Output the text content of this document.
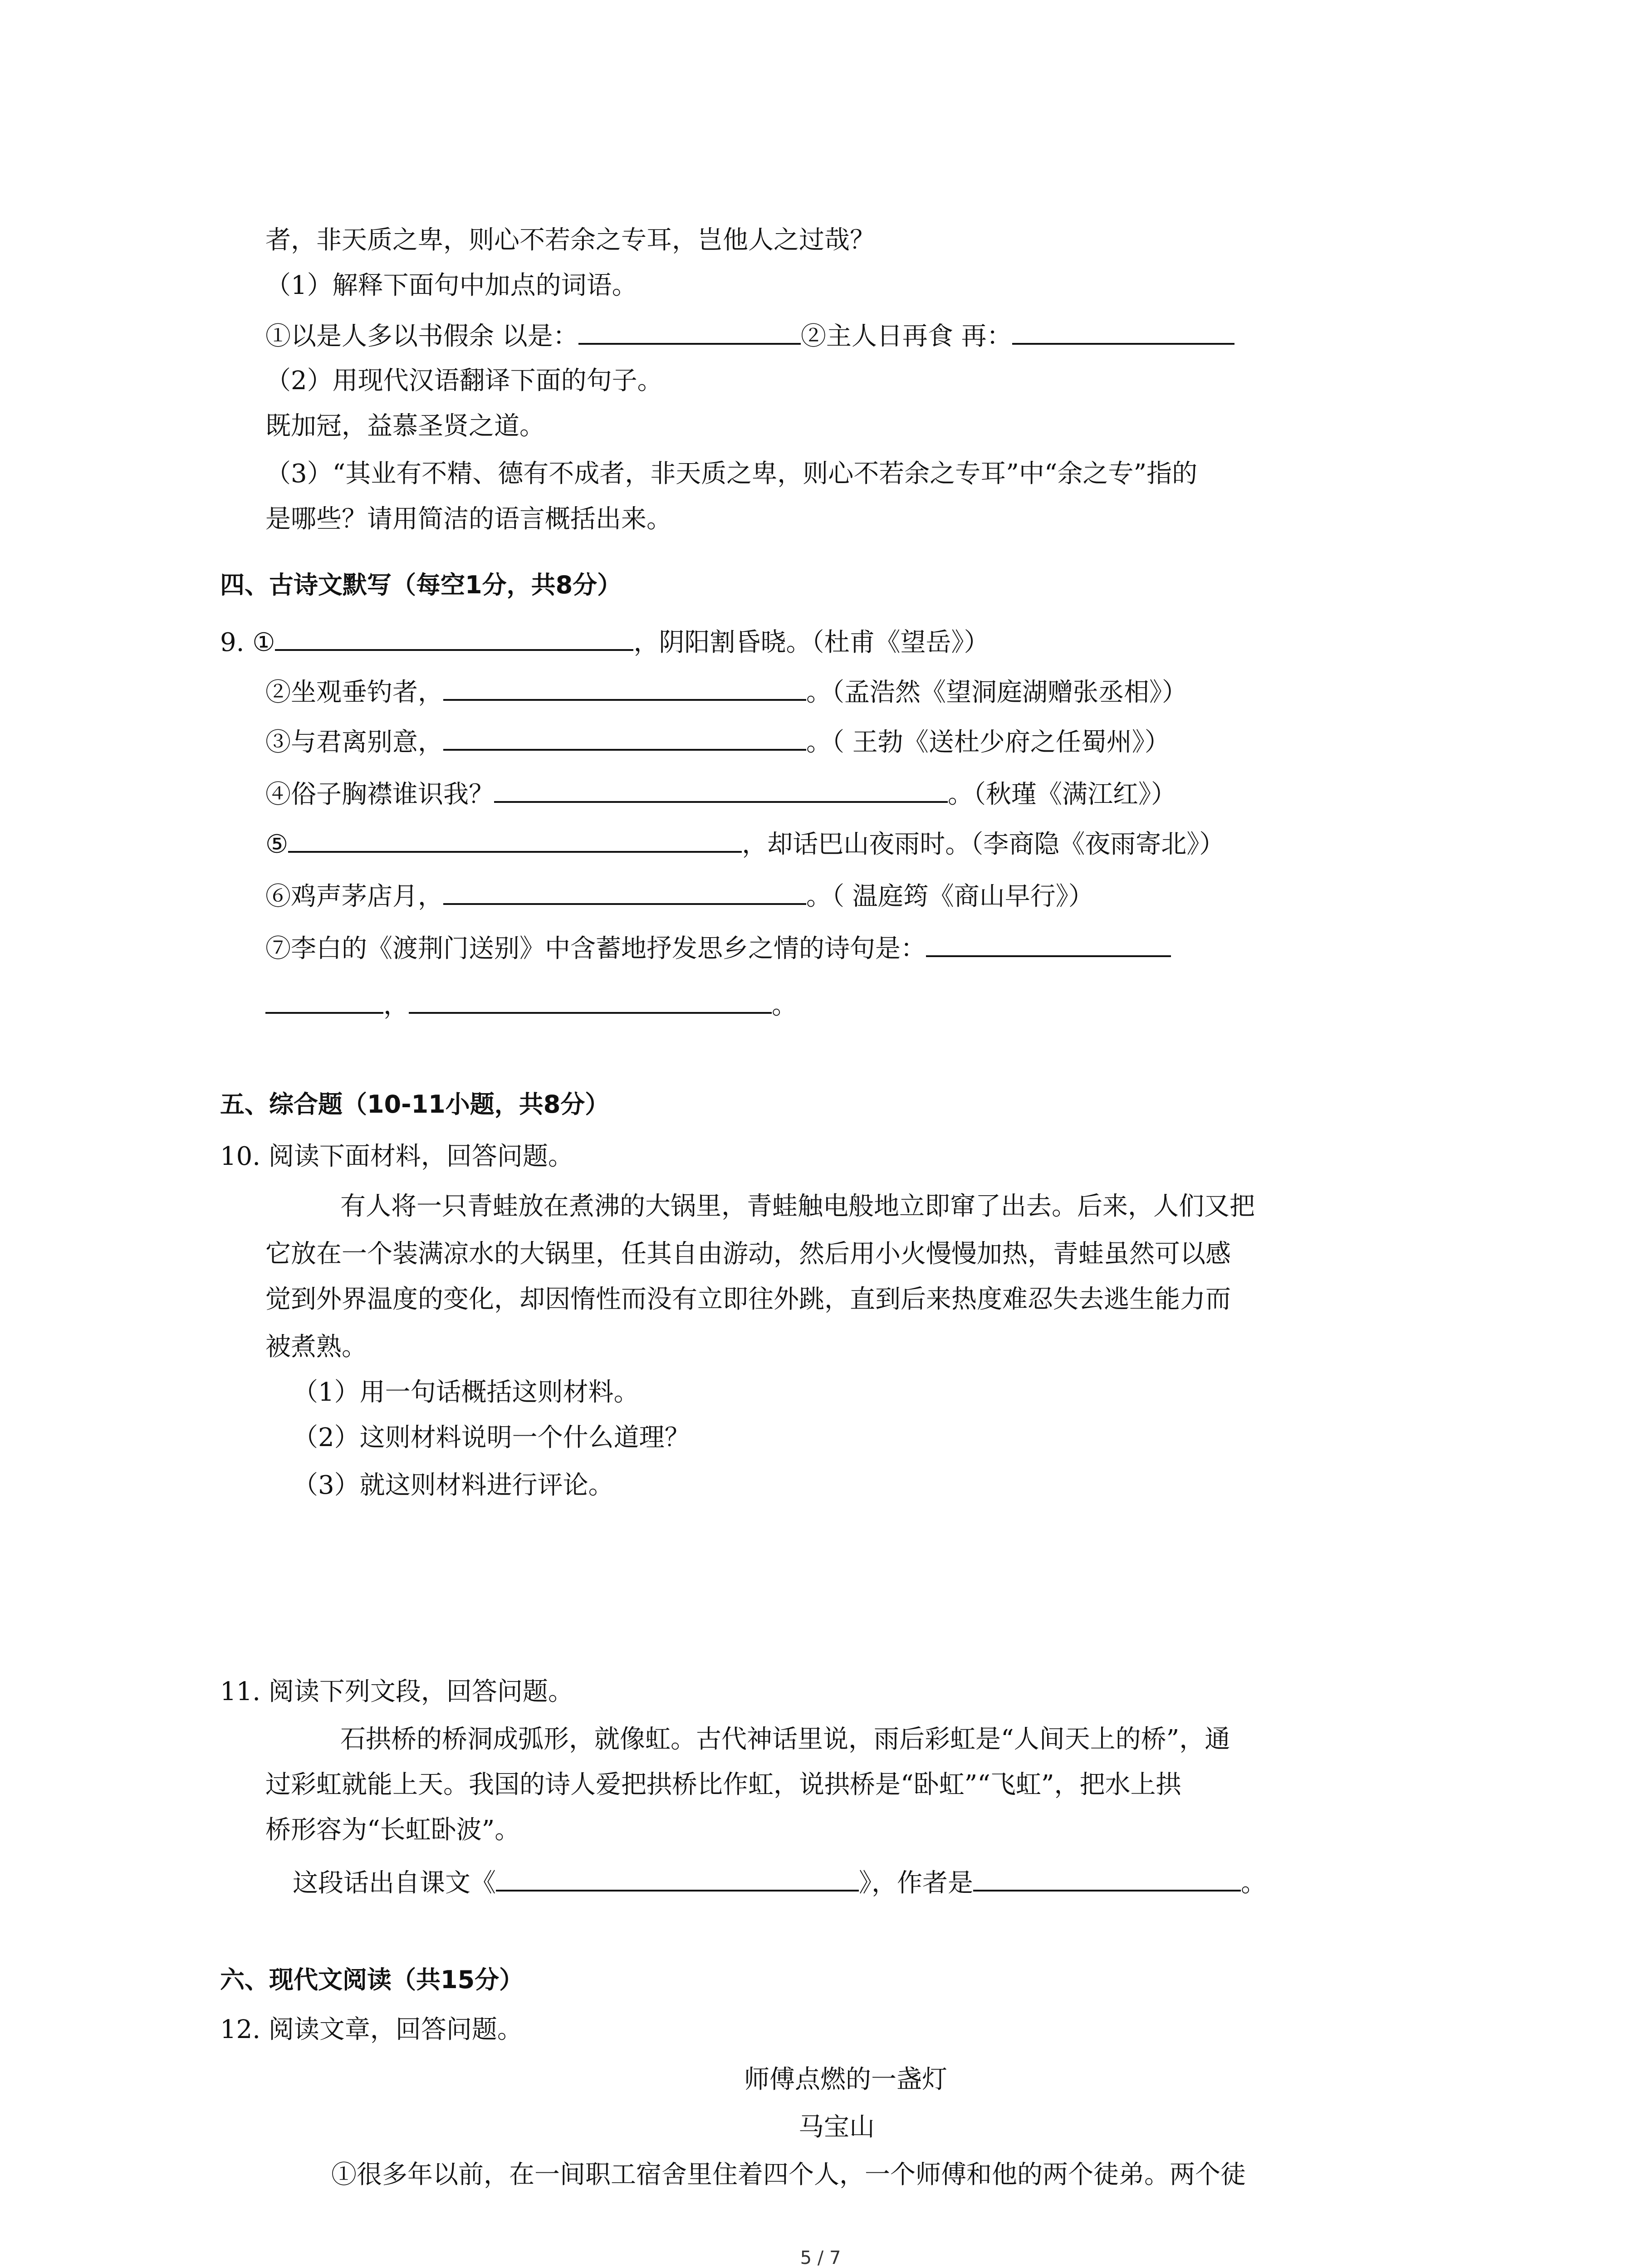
者，非天质之卑，则心不若余之专耳，岂他人之过哉？
（1）解释下面句中加点的词语。
①以是人多以书假余 以是：	②主人日再食 再：
（2）用现代汉语翻译下面的句子。
既加冠，益慕圣贤之道。
（3）“其业有不精、德有不成者，非天质之卑，则心不若余之专耳”中“余之专”指的
是哪些？请用简洁的语言概括出来。
四、古诗文默写（每空1分，共8分）
9. ①	，阴阳割昏晓。（杜甫《望岳》）
②坐观垂钓者，	。（孟浩然《望洞庭湖赠张丞相》）
③与君离别意，	。（ 王勃《送杜少府之任蜀州》）
④俗子胸襟谁识我？	。（秋瑾《满江红》）
⑤	，却话巴山夜雨时。（李商隐《夜雨寄北》）
⑥鸡声茅店月，	。（ 温庭筠《商山早行》）
⑦李白的《渡荆门送别》中含蓄地抒发思乡之情的诗句是：
，	。
五、综合题（10-11小题，共8分）
10. 阅读下面材料，回答问题。
有人将一只青蛙放在煮沸的大锅里，青蛙触电般地立即窜了出去。后来，人们又把
它放在一个装满凉水的大锅里，任其自由游动，然后用小火慢慢加热，青蛙虽然可以感
觉到外界温度的变化，却因惰性而没有立即往外跳，直到后来热度难忍失去逃生能力而
被煮熟。
（1）用一句话概括这则材料。
（2）这则材料说明一个什么道理？
（3）就这则材料进行评论。
11. 阅读下列文段，回答问题。
石拱桥的桥洞成弧形，就像虹。古代神话里说，雨后彩虹是“人间天上的桥”，通
过彩虹就能上天。我国的诗人爱把拱桥比作虹，说拱桥是“卧虹”“飞虹”，把水上拱
桥形容为“长虹卧波”。
这段话出自课文《	》，作者是	。
六、现代文阅读（共15分）
12. 阅读文章，回答问题。
师傅点燃的一盏灯
马宝山
①很多年以前，在一间职工宿舍里住着四个人，一个师傅和他的两个徒弟。两个徒
5 / 7
